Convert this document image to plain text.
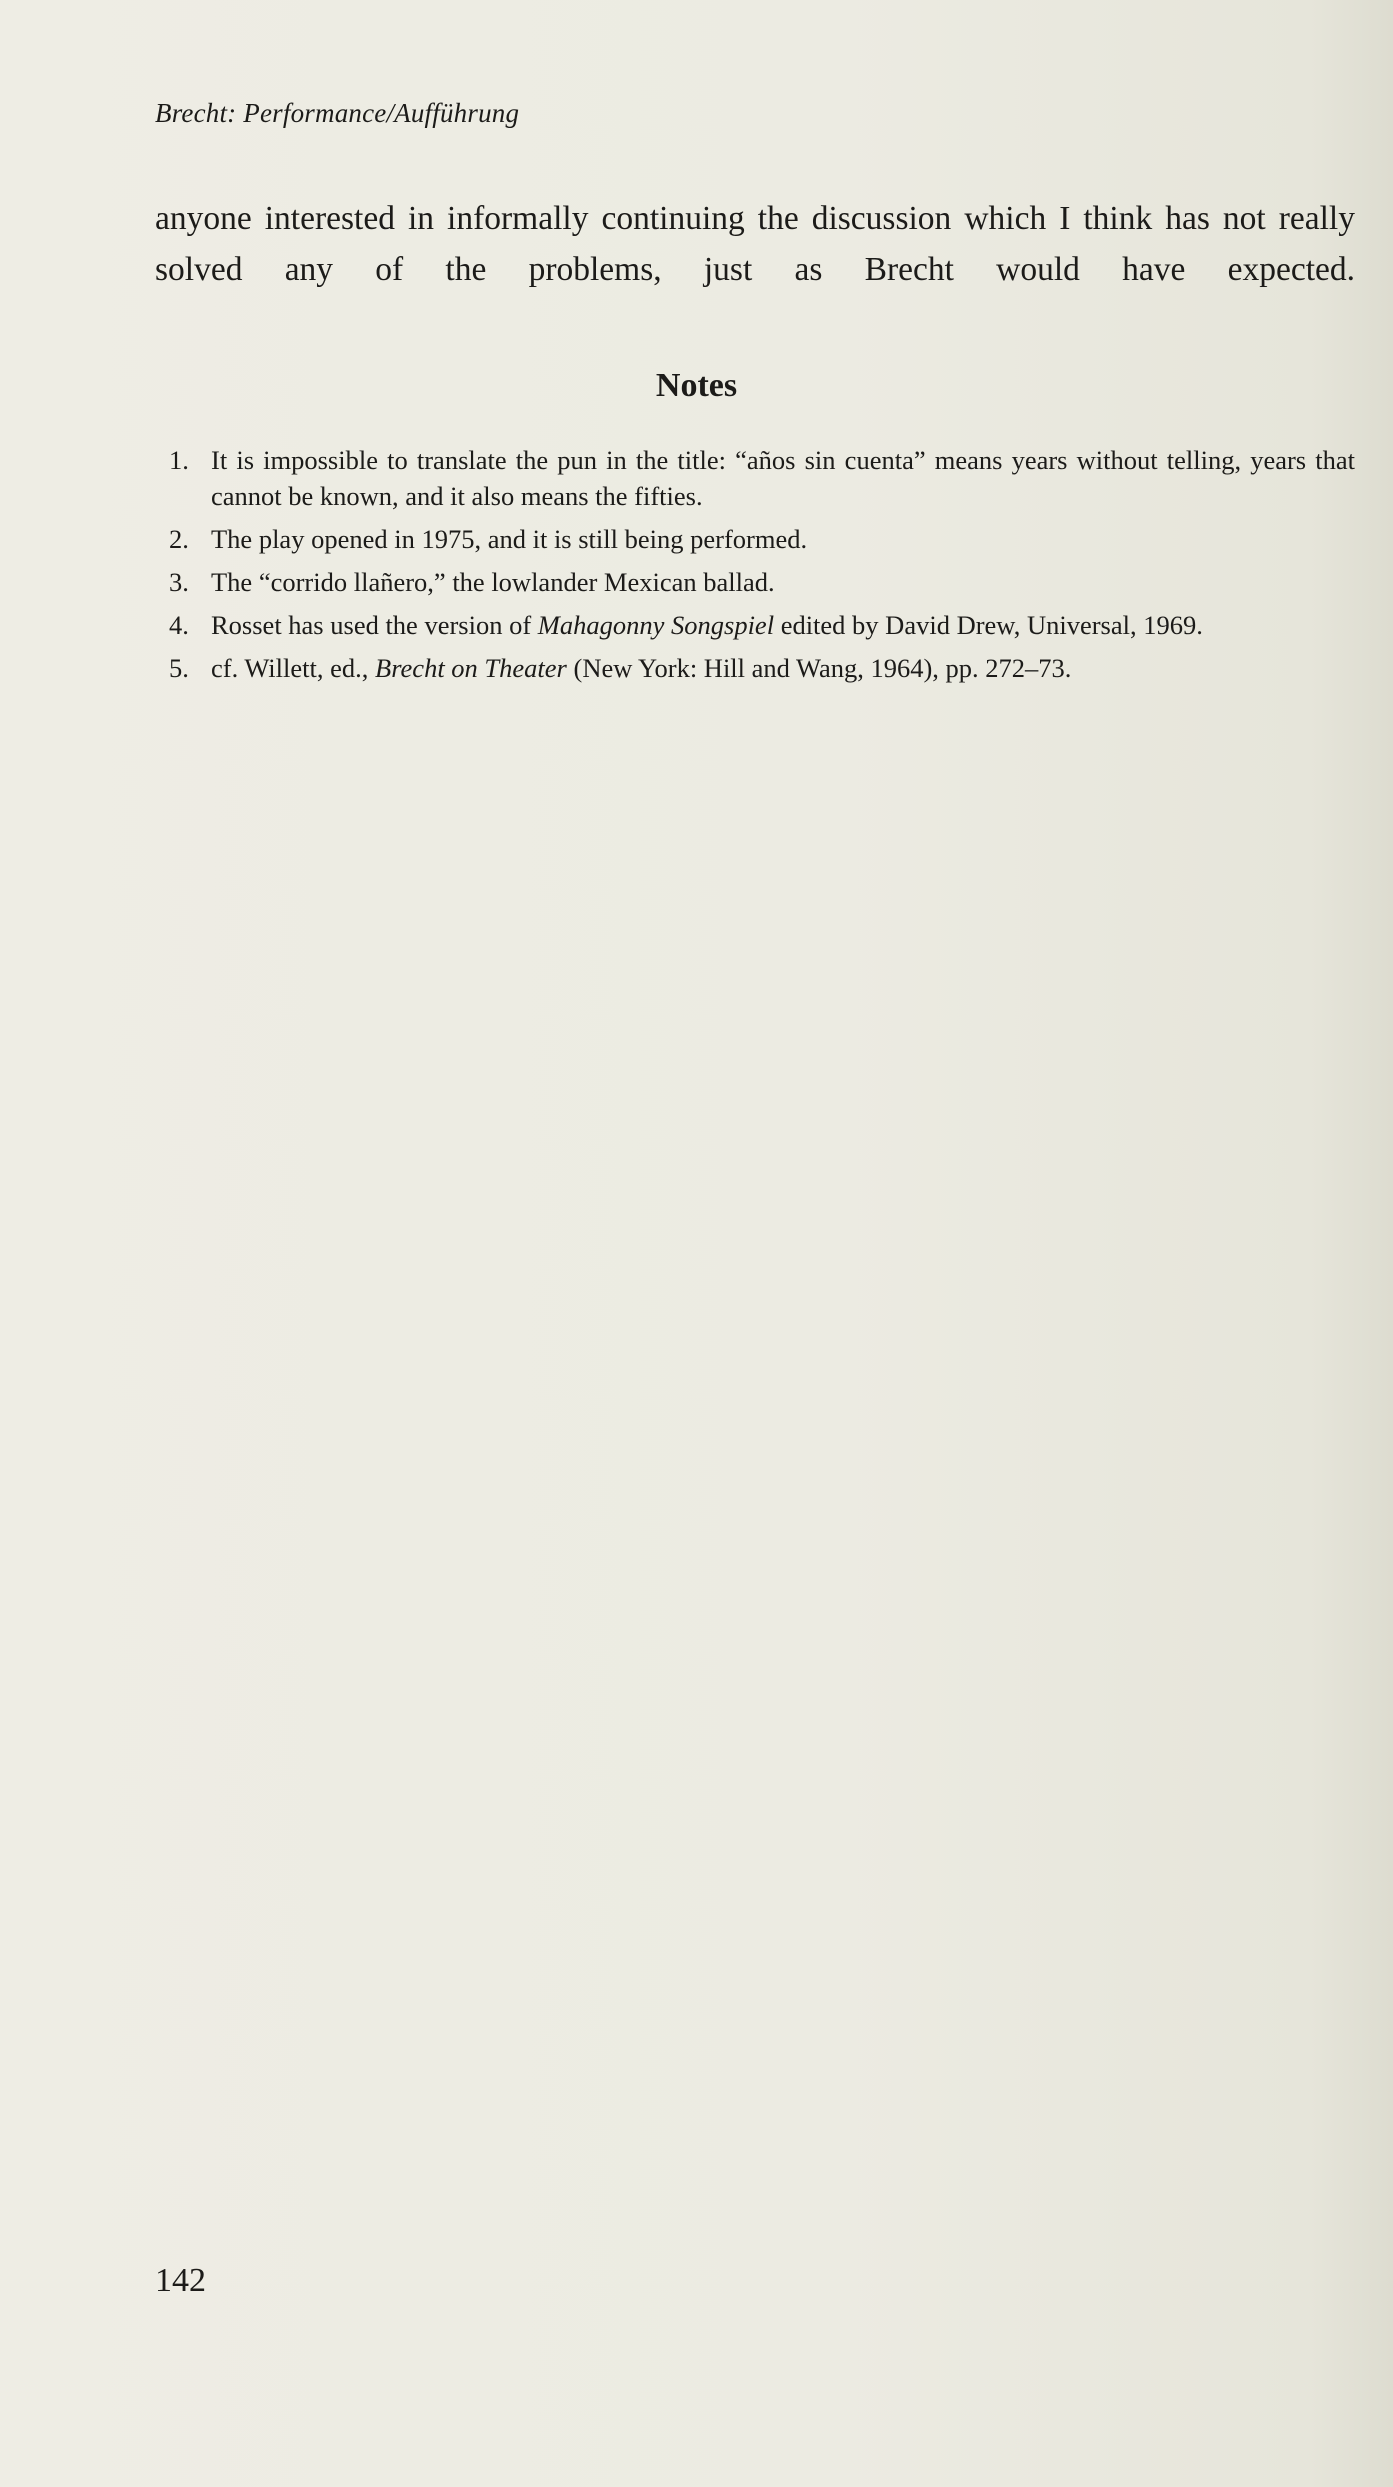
Brecht: Performance/Aufführung

anyone interested in informally continuing the discussion which I think has not really solved any of the problems, just as Brecht would have expected.

Notes
1. It is impossible to translate the pun in the title: “años sin cuenta” means years without telling, years that cannot be known, and it also means the fifties.
2. The play opened in 1975, and it is still being performed.
3. The “corrido llañero,” the lowlander Mexican ballad.
4. Rosset has used the version of Mahagonny Songspiel edited by David Drew, Universal, 1969.
5. cf. Willett, ed., Brecht on Theater (New York: Hill and Wang, 1964), pp. 272–73.
142
